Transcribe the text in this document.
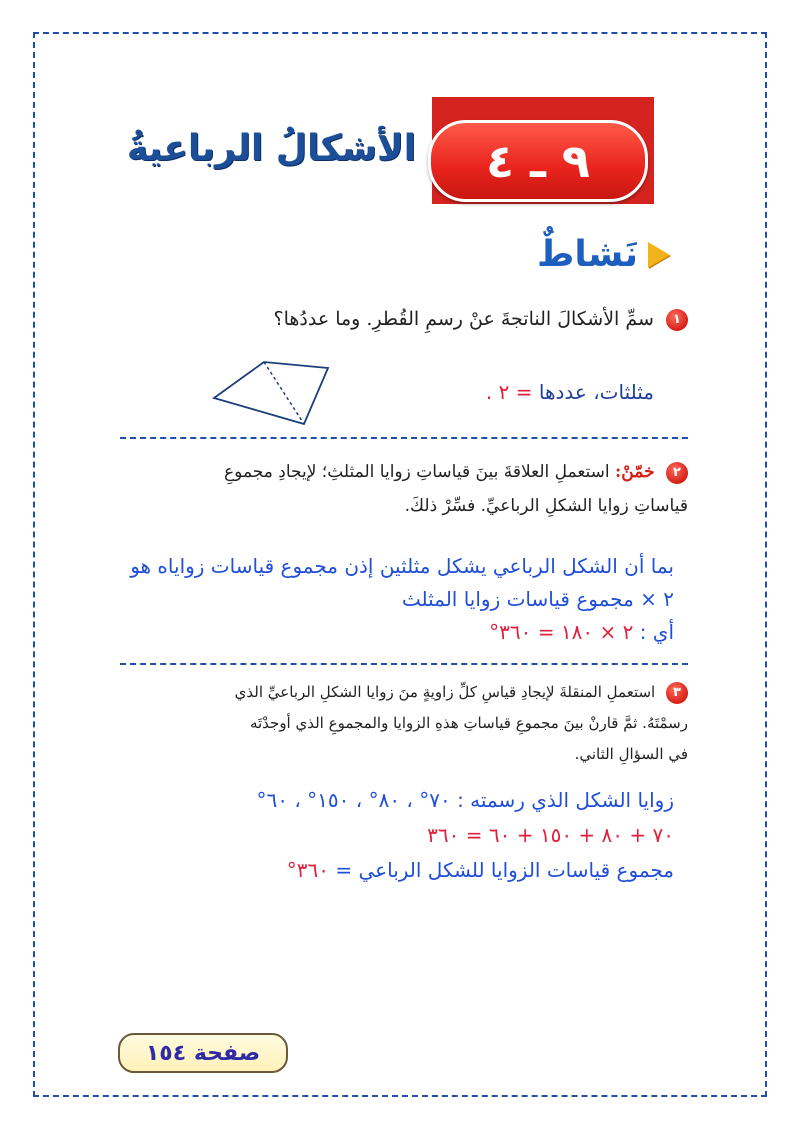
٩ ـ ٤
الأشكالُ الرباعيةُ
نَشاطٌ
١ سمِّ الأشكالَ الناتجةَ عنْ رسمِ القُطرِ. وما عددُها؟
مثلثات، عددها = ٢ .
٢ خمّنْ: استعملِ العلاقةَ بينَ قياساتِ زوايا المثلثِ؛ لإيجادِ مجموعِ
قياساتِ زوايا الشكلِ الرباعيِّ. فسِّرْ ذلكَ.
بما أن الشكل الرباعي يشكل مثلثين إذن مجموع قياسات زواياه هو
٢ × مجموع قياسات زوايا المثلث
أي : ٢ × ١٨٠ = ٣٦٠°
٣ استعملِ المنقلةَ لإيجادِ قياسِ كلِّ زاويةٍ منَ زوايا الشكلِ الرباعيِّ الذي
رسمْتَهُ. ثمَّ قارنْ بينَ مجموعِ قياساتِ هذهِ الزوايا والمجموعِ الذي أوجدْتَه
في السؤالِ الثاني.
زوايا الشكل الذي رسمته : ٧٠° ، ٨٠° ، ١٥٠° ، ٦٠°
٧٠ + ٨٠ + ١٥٠ + ٦٠ = ٣٦٠
مجموع قياسات الزوايا للشكل الرباعي = ٣٦٠°
صفحة ١٥٤
